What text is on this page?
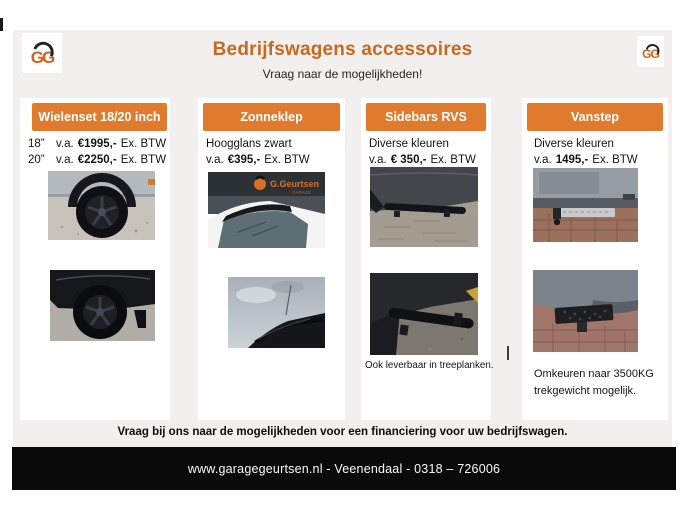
GG	GG
Bedrijfswagens accessoires
Vraag naar de mogelijkheden!
Wielenset 18/20 inch
18” v.a. €1995,- Ex. BTW
20” v.a. €2250,- Ex. BTW
Zonneklep
Hoogglans zwart
v.a. €395,- Ex. BTW
Sidebars RVS
Diverse kleuren
v.a. € 350,- Ex. BTW
Vanstep
Diverse kleuren
v.a. 1495,- Ex. BTW
G.Geurtsen
GARAGE
Ook leverbaar in treeplanken.
Omkeuren naar 3500KG trekgewicht mogelijk.
Vraag bij ons naar de mogelijkheden voor een financiering voor uw bedrijfswagen.
www.garagegeurtsen.nl - Veenendaal - 0318 – 726006
